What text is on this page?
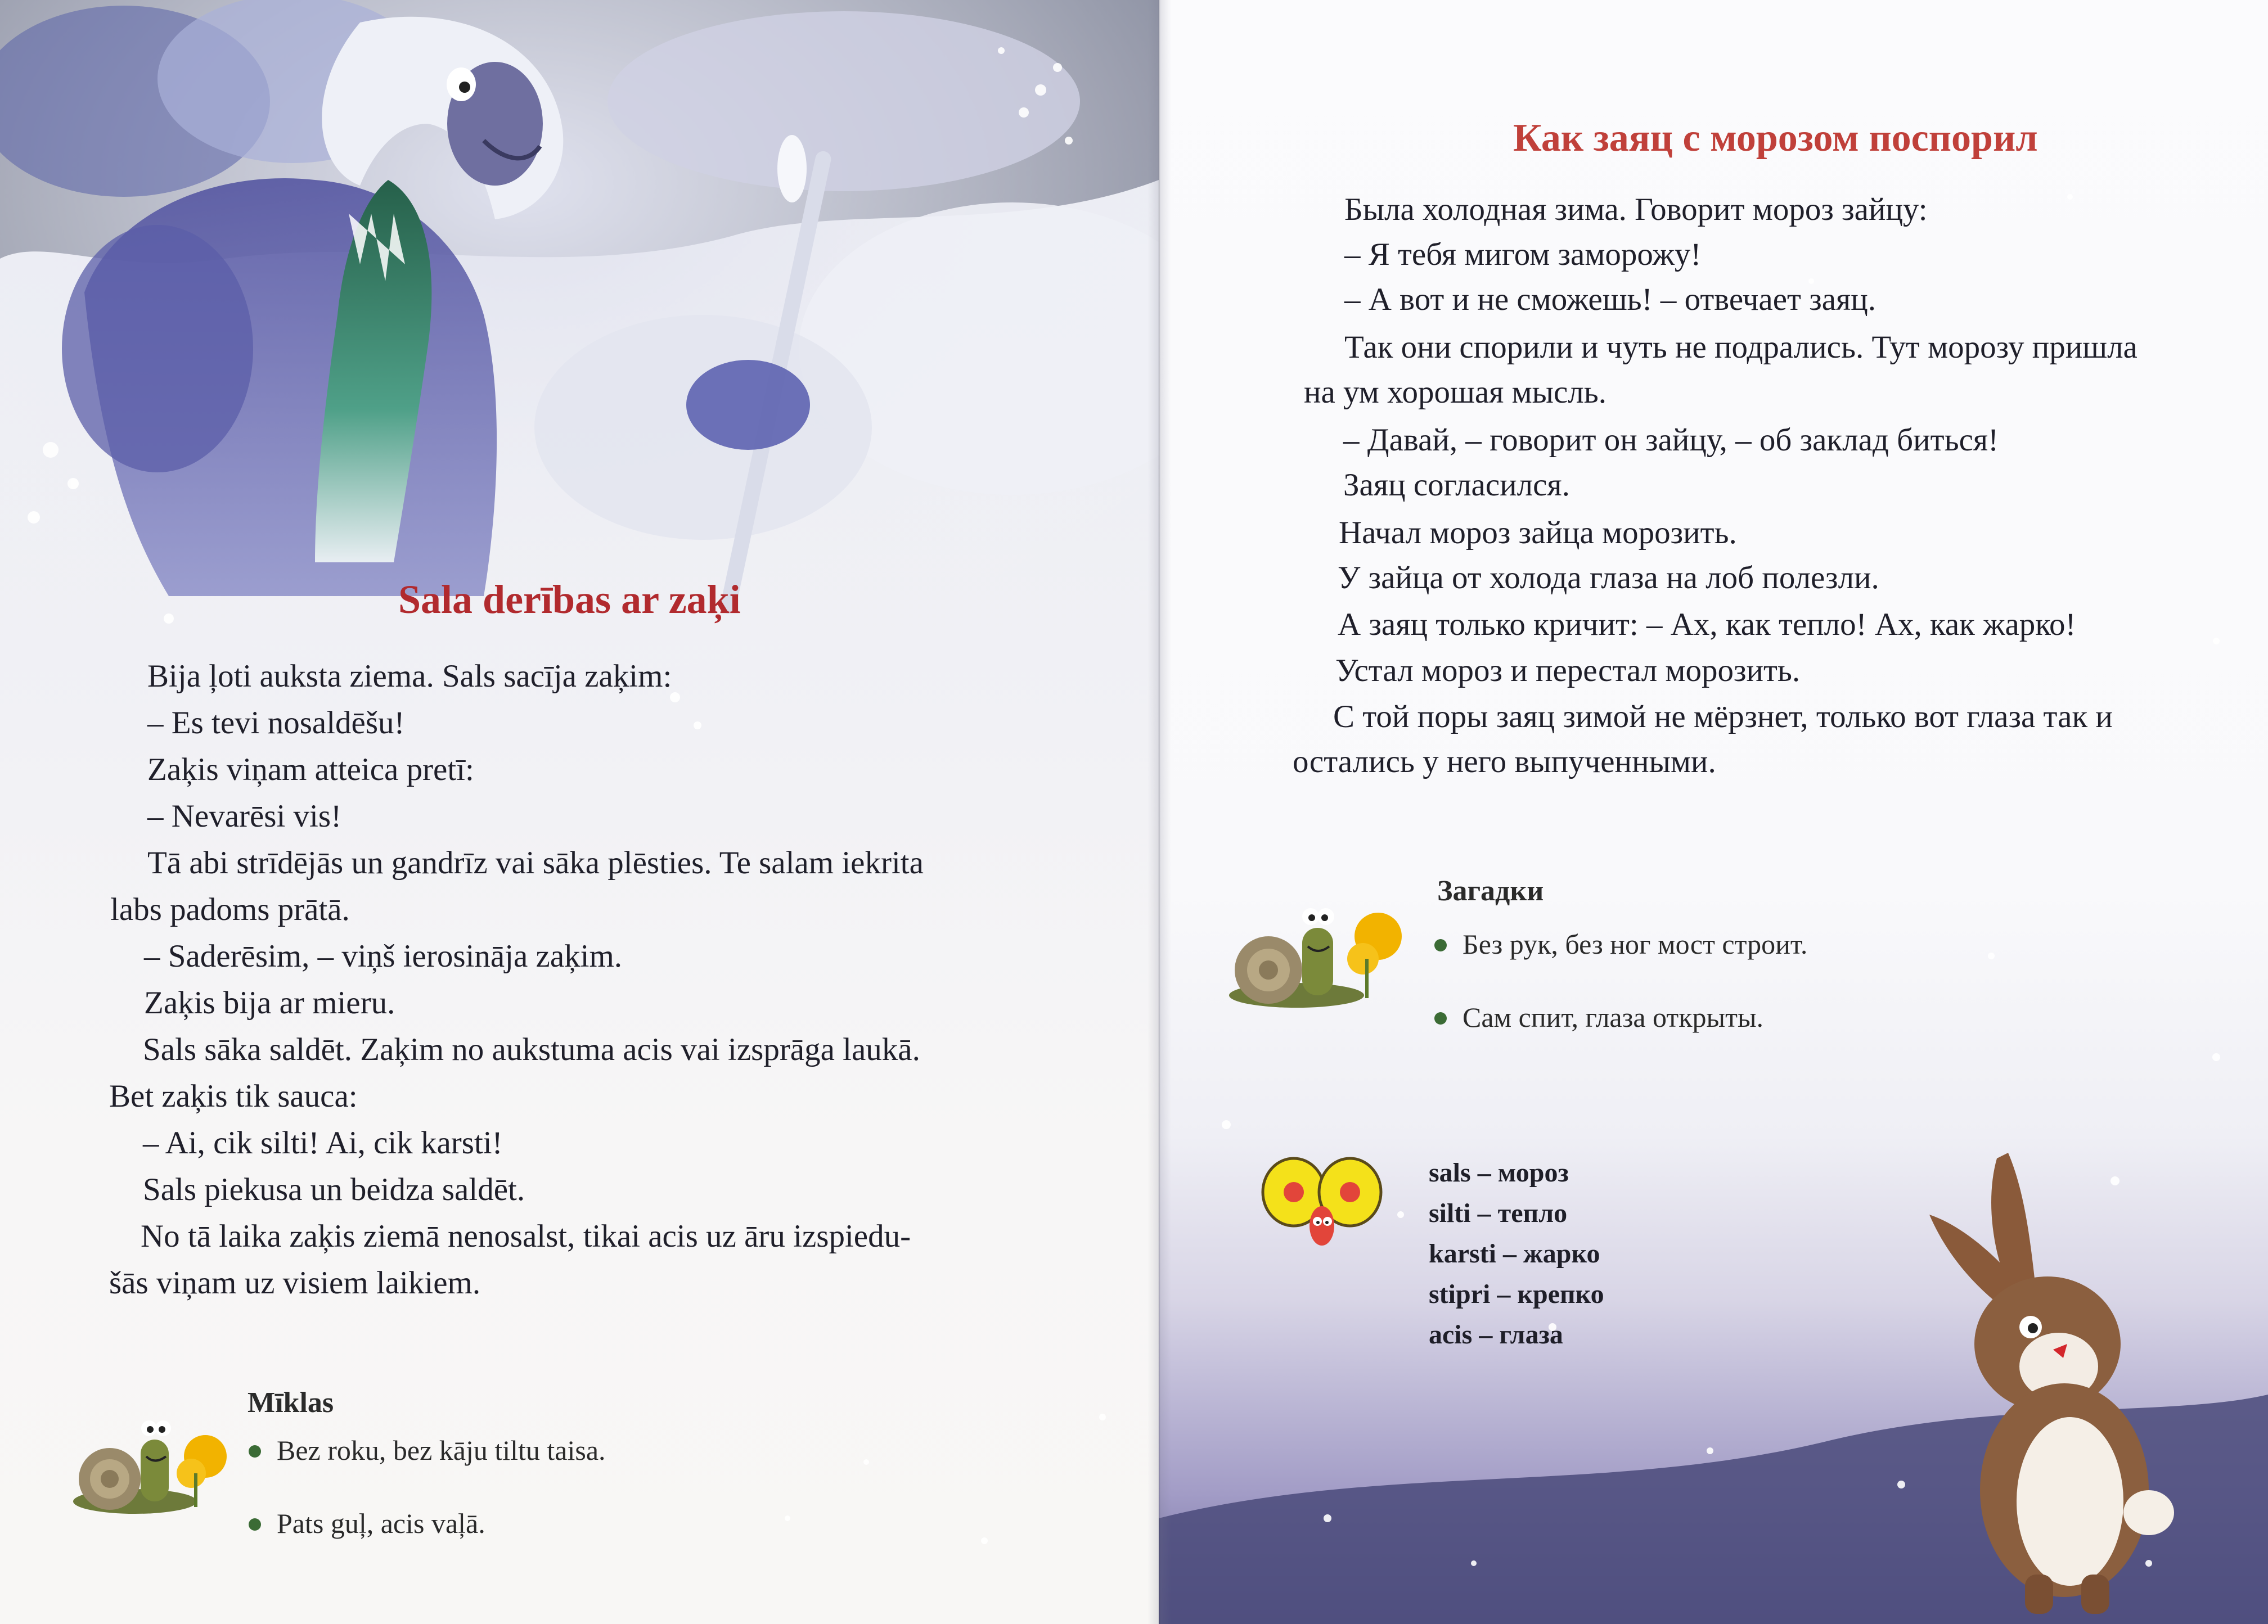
Sala derības ar zaķi
Bija ļoti auksta ziema. Sals sacīja zaķim:
– Es tevi nosaldēšu!
Zaķis viņam atteica pretī:
– Nevarēsi vis!
Tā abi strīdējās un gandrīz vai sāka plēsties. Te salam iekrita
labs padoms prātā.
– Saderēsim, – viņš ierosināja zaķim.
Zaķis bija ar mieru.
Sals sāka saldēt. Zaķim no aukstuma acis vai izsprāga laukā.
Bet zaķis tik sauca:
– Ai, cik silti! Ai, cik karsti!
Sals piekusa un beidza saldēt.
No tā laika zaķis ziemā nenosalst, tikai acis uz āru izspiedu-
šās viņam uz visiem laikiem.
Mīklas
Bez roku, bez kāju tiltu taisa.
Pats guļ, acis vaļā.
Как заяц с морозом поспорил
Была холодная зима. Говорит мороз зайцу:
– Я тебя мигом заморожу!
– А вот и не сможешь! – отвечает заяц.
Так они спорили и чуть не подрались. Тут морозу пришла
на ум хорошая мысль.
– Давай, – говорит он зайцу, – об заклад биться!
Заяц согласился.
Начал мороз зайца морозить.
У зайца от холода глаза на лоб полезли.
А заяц только кричит: – Ах, как тепло! Ах, как жарко!
Устал мороз и перестал морозить.
С той поры заяц зимой не мёрзнет, только вот глаза так и
остались у него выпученными.
Загадки
Без рук, без ног мост строит.
Сам спит, глаза открыты.
sals – мороз
silti – тепло
karsti – жарко
stipri – крепко
acis – глаза
